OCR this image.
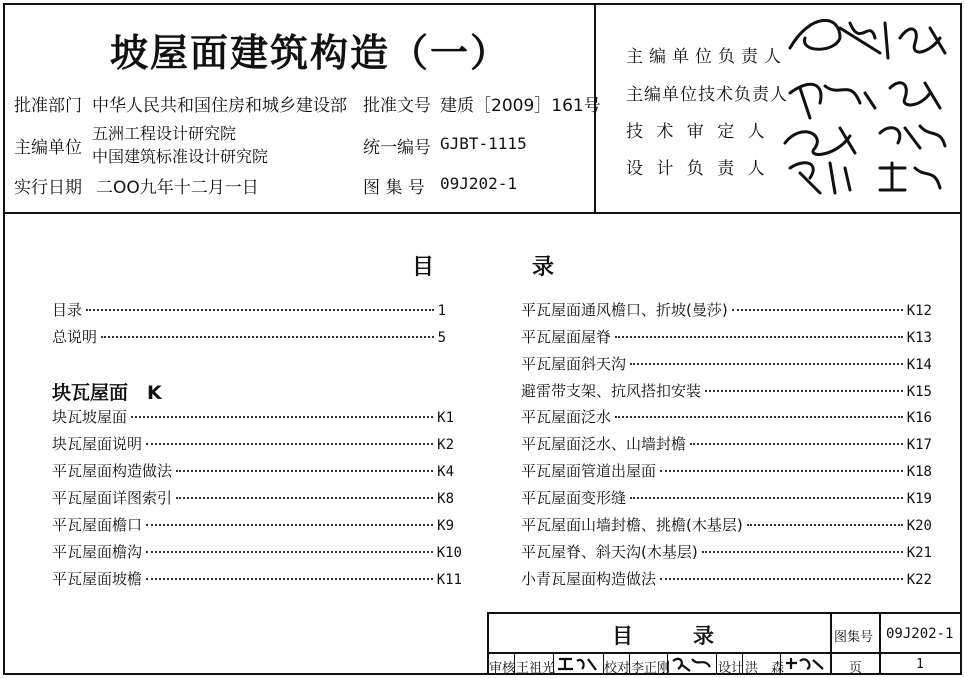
坡屋面建筑构造（一）
批准部门 中华人民共和国住房和城乡建设部 批准文号 建质［2009］161号
主编单位
五洲工程设计研究院
中国建筑标准设计研究院	统一编号 GJBT-1115
实行日期 二OO九年十二月一日	图 集 号 09J202-1
主编单位负责人
主编单位技术负责人
技 术 审 定 人
设 计 负 责 人
目	录
目录	1
总说明	5
块瓦屋面　K
块瓦坡屋面	K1
块瓦屋面说明	K2
平瓦屋面构造做法	K4
平瓦屋面详图索引	K8
平瓦屋面檐口	K9
平瓦屋面檐沟	K10
平瓦屋面坡檐	K11
平瓦屋面通风檐口、折坡(曼莎)	K12
平瓦屋面屋脊	K13
平瓦屋面斜天沟	K14
避雷带支架、抗风搭扣安装	K15
平瓦屋面泛水	K16
平瓦屋面泛水、山墙封檐	K17
平瓦屋面管道出屋面	K18
平瓦屋面变形缝	K19
平瓦屋面山墙封檐、挑檐(木基层)	K20
平瓦屋脊、斜天沟(木基层)	K21
小青瓦屋面构造做法	K22
目	录	图集号 09J202-1
审核 王祖光	校对 李正刚	设计 洪　森	页	1
